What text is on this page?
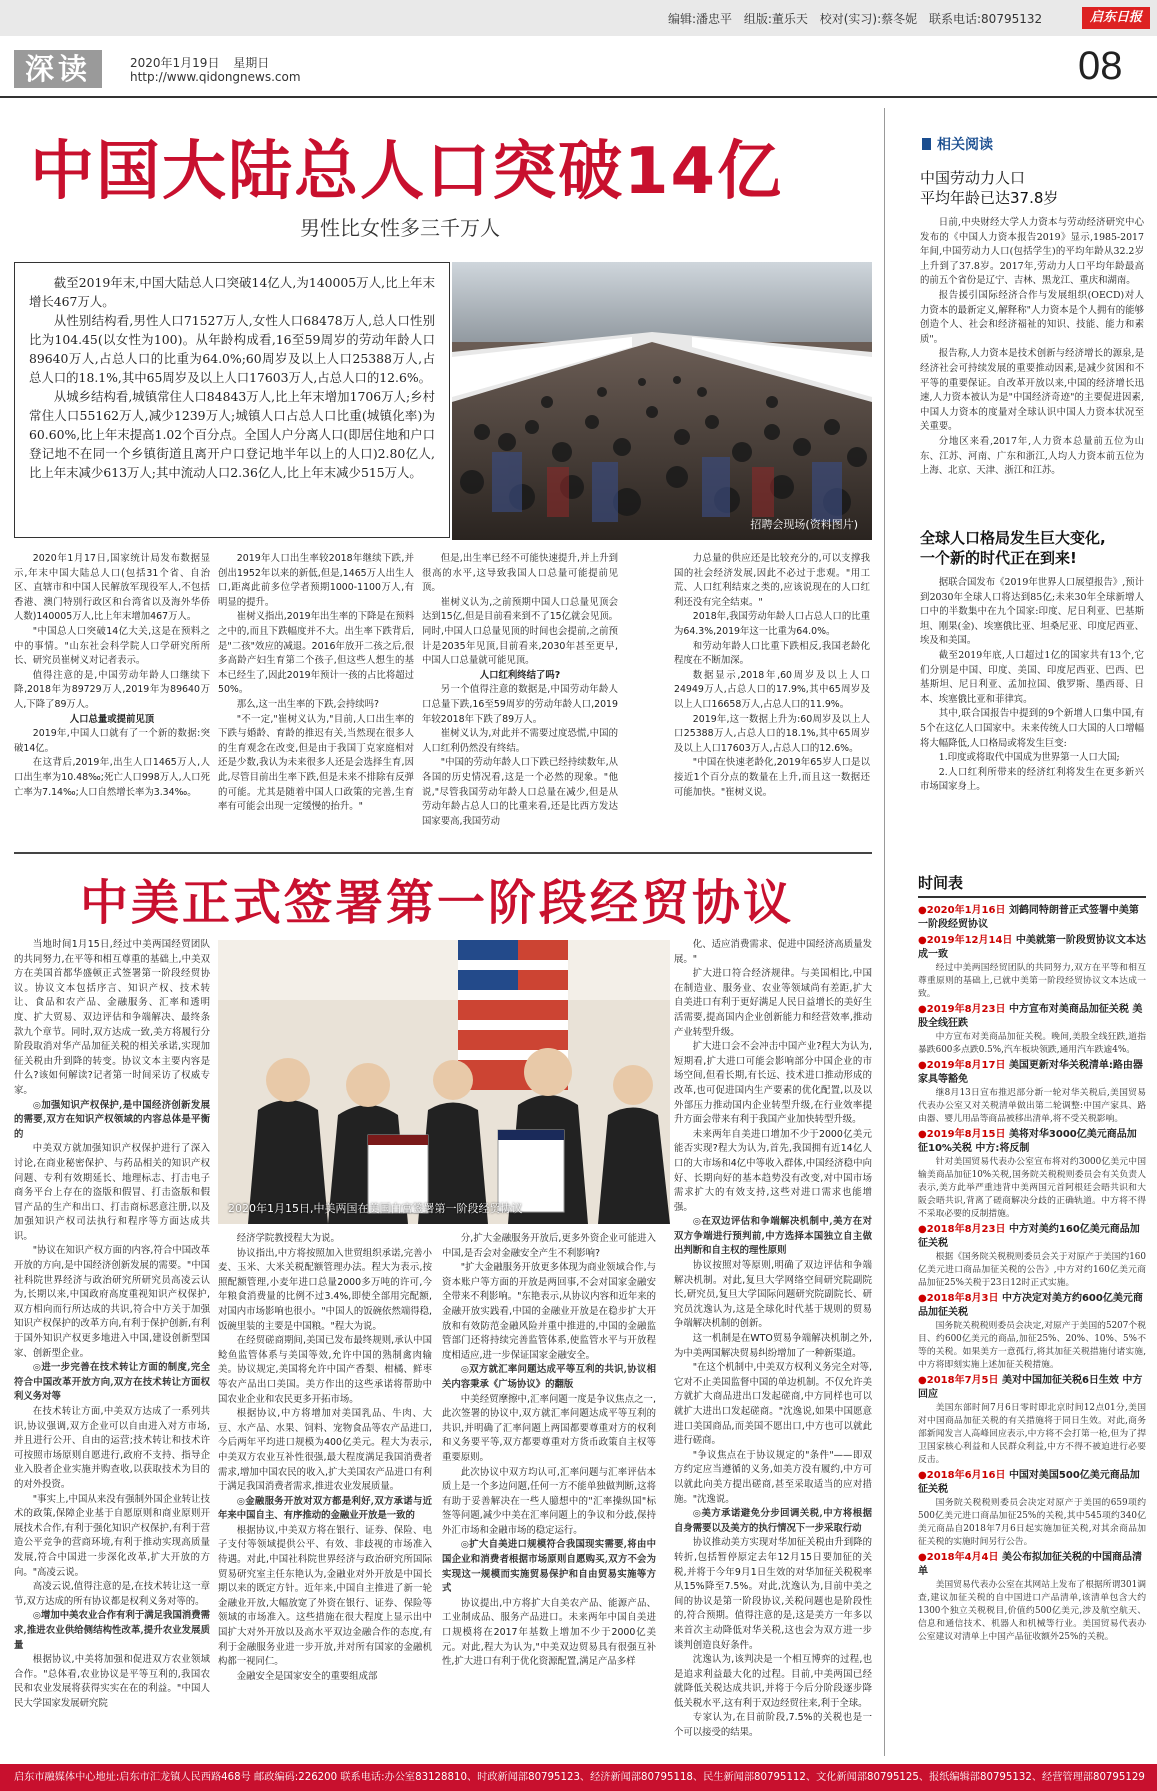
编辑:潘忠平 组版:董乐天 校对(实习):蔡冬妮 联系电话:80795132	启东日报
深读	2020年1月19日 星期日
http://www.qidongnews.com	08
中国大陆总人口突破14亿
男性比女性多三千万人

截至2019年末,中国大陆总人口突破14亿人,为140005万人,比上年末增长467万人。

从性别结构看,男性人口71527万人,女性人口68478万人,总人口性别比为104.45(以女性为100)。从年龄构成看,16至59周岁的劳动年龄人口89640万人,占总人口的比重为64.0%;60周岁及以上人口25388万人,占总人口的18.1%,其中65周岁及以上人口17603万人,占总人口的12.6%。

从城乡结构看,城镇常住人口84843万人,比上年末增加1706万人;乡村常住人口55162万人,减少1239万人;城镇人口占总人口比重(城镇化率)为60.60%,比上年末提高1.02个百分点。全国人户分离人口(即居住地和户口登记地不在同一个乡镇街道且离开户口登记地半年以上的人口)2.80亿人,比上年末减少613万人;其中流动人口2.36亿人,比上年末减少515万人。

招聘会现场(资料图片)

2020年1月17日,国家统计局发布数据显示,年末中国大陆总人口(包括31个省、自治区、直辖市和中国人民解放军现役军人,不包括香港、澳门特别行政区和台湾省以及海外华侨人数)140005万人,比上年末增加467万人。

"中国总人口突破14亿大关,这是在预料之中的事情。"山东社会科学院人口学研究所所长、研究员崔树义对记者表示。

值得注意的是,中国劳动年龄人口继续下降,2018年为89729万人,2019年为89640万人,下降了89万人。

人口总量或提前见顶

2019年,中国人口就有了一个新的数据:突破14亿。

在这背后,2019年,出生人口1465万人,人口出生率为10.48‰;死亡人口998万人,人口死亡率为7.14‰;人口自然增长率为3.34‰。

2019年人口出生率较2018年继续下跌,并创出1952年以来的新低,但是,1465万人出生人口,距离此前多位学者预期1000-1100万人,有明显的提升。

崔树义指出,2019年出生率的下降是在预料之中的,而且下跌幅度并不大。出生率下跌背后,是"二孩"效应的减退。2016年放开二孩之后,很多高龄产妇生育第二个孩子,但这些人想生的基本已经生了,因此2019年预计一孩的占比将超过50%。

那么,这一出生率的下跌,会持续吗?

"不一定,"崔树义认为,"目前,人口出生率的下跌与婚龄、育龄的推迟有关,当然现在很多人的生育观念在改变,但是由于我国丁克家庭相对还是少数,我认为未来很多人还是会选择生育,因此,尽管目前出生率下跌,但是未来不排除有反弹的可能。尤其是随着中国人口政策的完善,生育率有可能会出现一定缓慢的抬升。"

但是,出生率已经不可能快速提升,并上升到很高的水平,这导致我国人口总量可能提前见顶。

崔树义认为,之前预期中国人口总量见顶会达到15亿,但是目前看来到不了15亿就会见顶。同时,中国人口总量见顶的时间也会提前,之前预计是2035年见顶,目前看来,2030年甚至更早,中国人口总量就可能见顶。

人口红利终结了吗?

另一个值得注意的数据是,中国劳动年龄人口总量下跌,16至59周岁的劳动年龄人口,2019年较2018年下跌了89万人。

崔树义认为,对此并不需要过度恐慌,中国的人口红利仍然没有终结。

"中国的劳动年龄人口下跌已经持续数年,从各国的历史情况看,这是一个必然的现象。"他说,"尽管我国劳动年龄人口总量在减少,但是从劳动年龄占总人口的比重来看,还是比西方发达国家要高,我国劳动

力总量的供应还是比较充分的,可以支撑我国的社会经济发展,因此不必过于悲观。"用工荒、人口红利结束之类的,应该说现在的人口红利还没有完全结束。"

2018年,我国劳动年龄人口占总人口的比重为64.3%,2019年这一比重为64.0%。

和劳动年龄人口比重下跌相反,我国老龄化程度在不断加深。

数据显示,2018年,60周岁及以上人口24949万人,占总人口的17.9%,其中65周岁及以上人口16658万人,占总人口的11.9%。

2019年,这一数据上升为:60周岁及以上人口25388万人,占总人口的18.1%,其中65周岁及以上人口17603万人,占总人口的12.6%。

"中国在快速老龄化,2019年65岁人口是以接近1个百分点的数量在上升,而且这一数据还可能加快。"崔树义说。

中美正式签署第一阶段经贸协议

当地时间1月15日,经过中美两国经贸团队的共同努力,在平等和相互尊重的基础上,中美双方在美国首都华盛顿正式签署第一阶段经贸协议。协议文本包括序言、知识产权、技术转让、食品和农产品、金融服务、汇率和透明度、扩大贸易、双边评估和争端解决、最终条款九个章节。同时,双方达成一致,美方将履行分阶段取消对华产品加征关税的相关承诺,实现加征关税由升到降的转变。协议文本主要内容是什么?该如何解读?记者第一时间采访了权威专家。

◎加强知识产权保护,是中国经济创新发展的需要,双方在知识产权领域的内容总体是平衡的

中美双方就加强知识产权保护进行了深入讨论,在商业秘密保护、与药品相关的知识产权问题、专利有效期延长、地理标志、打击电子商务平台上存在的盗版和假冒、打击盗版和假冒产品的生产和出口、打击商标恶意注册,以及加强知识产权司法执行和程序等方面达成共识。

"协议在知识产权方面的内容,符合中国改革开放的方向,是中国经济创新发展的需要。"中国社科院世界经济与政治研究所研究员高凌云认为,长期以来,中国政府高度重视知识产权保护,双方相向而行所达成的共识,符合中方关于加强知识产权保护的改革方向,有利于保护创新,有利于国外知识产权更多地进入中国,建设创新型国家、创新型企业。

◎进一步完善在技术转让方面的制度,完全符合中国改革开放方向,双方在技术转让方面权利义务对等

在技术转让方面,中美双方达成了一系列共识,协议强调,双方企业可以自由进入对方市场,并且进行公开、自由的运营;技术转让和技术许可按照市场原则自愿进行,政府不支持、指导企业入股者企业实施并购查收,以获取技术为目的的对外投资。

"事实上,中国从来没有强制外国企业转让技术的政策,保障企业基于自愿原则和商业原则开展技术合作,有利于强化知识产权保护,有利于营造公平竞争的营商环境,有利于推动实现高质量发展,符合中国进一步深化改革,扩大开放的方向。"高凌云说。

高凌云说,值得注意的是,在技术转让这一章节,双方达成的所有协议都是权利义务对等的。

◎增加中美农业合作有利于满足我国消费需求,推进农业供给侧结构性改革,提升农业发展质量

根据协议,中美将加强和促进双方农业领域合作。"总体看,农业协议是平等互利的,我国农民和农业发展将获得实实在在的利益。"中国人民大学国家发展研究院

2020年1月15日,中美两国在美国白宫签署第一阶段经贸协议

经济学院教授程大为说。

协议指出,中方将按照加入世贸组织承诺,完善小麦、玉米、大米关税配额管理办法。程大为表示,按照配额管理,小麦年进口总量2000多万吨的许可,今年粮食消费量的比例不过3.4%,即使全部用完配额,对国内市场影响也很小。"中国人的饭碗依然端得稳,饭碗里装的主要是中国粮。"程大为说。

在经贸磋商期间,美国已发布最终规则,承认中国鲶鱼监管体系与美国等效,允许中国的熟制禽肉输美。协议规定,美国将允许中国产香梨、柑橘、鲜枣等农产品出口美国。美方作出的这些承诺将帮助中国农业企业和农民更多开拓市场。

根据协议,中方将增加对美国乳品、牛肉、大豆、水产品、水果、饲料、宠物食品等农产品进口,今后两年平均进口规模为400亿美元。程大为表示,中美双方农业互补性很强,最大程度满足我国消费者需求,增加中国农民的收入,扩大美国农产品进口有利于满足我国消费者需求,推进农业发展质量。

◎金融服务开放对双方都是利好,双方承诺与近年来中国自主、有序推动的金融业开放是一致的

根据协议,中美双方将在银行、证券、保险、电子支付等领域提供公平、有效、非歧视的市场准入待遇。对此,中国社科院世界经济与政治研究所国际贸易研究室主任东艳认为,金融业对外开放是中国长期以来的既定方针。近年来,中国自主推进了新一轮金融业开放,大幅放宽了外资在银行、证券、保险等领域的市场准入。这些措施在很大程度上显示出中国扩大对外开放以及高水平双边金融合作的态度,有利于金融服务业进一步开放,并对所有国家的金融机构都一视同仁。

金融安全是国家安全的重要组成部

分,扩大金融服务开放后,更多外资企业可能进入中国,是否会对金融安全产生不利影响?

"扩大金融服务开放更多体现为商业领域合作,与资本账户等方面的开放是两回事,不会对国家金融安全带来不利影响。"东艳表示,从协议内容和近年来的金融开放实践看,中国的金融业开放是在稳步扩大开放和有效防范金融风险并重中推进的,中国的金融监管部门还将持续完善监管体系,使监管水平与开放程度相适应,进一步保证国家金融安全。

◎双方就汇率问题达成平等互利的共识,协议相关内容秉承《广场协议》的翻版

中美经贸摩擦中,汇率问题一度是争议焦点之一,此次签署的协议中,双方就汇率问题达成平等互利的共识,并明确了汇率问题上两国都要尊重对方的权利和义务要平等,双方都要尊重对方货币政策自主权等重要原则。

此次协议中双方均认可,汇率问题与汇率评估本质上是一个多边问题,任何一方不能单独做判断,这将有助于妥善解决在一些人臆想中的"汇率操纵国"标签等问题,减少中美在汇率问题上的争议和分歧,保持外汇市场和金融市场的稳定运行。

◎扩大自美进口规模符合我国现实需要,将由中国企业和消费者根据市场原则自愿购买,双方不会为实现这一规模而实施贸易保护和自由贸易实施等方式

协议提出,中方将扩大自美农产品、能源产品、工业制成品、服务产品进口。未来两年中国自美进口规模将在2017年基数上增加不少于2000亿美元。对此,程大为认为,"中美双边贸易具有很强互补性,扩大进口有利于优化资源配置,满足产品多样

化、适应消费需求、促进中国经济高质量发展。"

扩大进口符合经济规律。与美国相比,中国在制造业、服务业、农业等领域尚有差距,扩大自美进口有利于更好满足人民日益增长的美好生活需要,提高国内企业创新能力和经营效率,推动产业转型升级。

扩大进口会不会冲击中国产业?程大为认为,短期看,扩大进口可能会影响部分中国企业的市场空间,但看长期,有长远、技术进口推动形成的改革,也可促进国内生产要素的优化配置,以及以外部压力推动国内企业转型升级,在行业效率提升方面会带来有利于我国产业加快转型升级。

未来两年自美进口增加不少于2000亿美元能否实现?程大为认为,首先,我国拥有近14亿人口的大市场和4亿中等收入群体,中国经济稳中向好、长期向好的基本趋势没有改变,对中国市场需求扩大的有效支持,这些对进口需求也能增强。

◎在双边评估和争端解决机制中,美方在对双方争端进行预判前,中方选择本国独立自主做出判断和自主权的理性原则

协议按照对等原则,明确了双边评估和争端解决机制。对此,复旦大学网络空间研究院副院长,研究员,复旦大学国际问题研究院副院长、研究员沈逸认为,这是全球化时代基于规则的贸易争端解决机制的创新。

这一机制是在WTO贸易争端解决机制之外,为中美两国解决贸易纠纷增加了一种新渠道。

"在这个机制中,中美双方权利义务完全对等,它对不止美国监督中国的单边机制。不仅允许美方就扩大商品进出口发起磋商,中方同样也可以就扩大进出口发起磋商。"沈逸说,如果中国愿意进口美国商品,而美国不愿出口,中方也可以就此进行磋商。

"争议焦点在于协议规定的"条件"——即双方约定应当遵循的义务,如美方没有履约,中方可以就此向美方提出磋商,甚至采取适当的应对措施。"沈逸说。

◎美方承诺避免分步回调关税,中方将根据自身需要以及美方的执行情况下一步采取行动

协议推动美方实现对华加征关税由升到降的转折,包括暂停原定去年12月15日要加征的关税,并将于今年9月1日生效的对华加征关税税率从15%降至7.5%。对此,沈逸认为,目前中美之间的协议是第一阶段协议,关税问题也是阶段性的,符合预期。值得注意的是,这是美方一年多以来首次主动降低对华关税,这也会为双方进一步谈判创造良好条件。

沈逸认为,该判决是一个相互博弈的过程,也是追求利益最大化的过程。目前,中美两国已经就降低关税达成共识,并将于今后分阶段逐步降低关税水平,这有利于双边经贸往来,利于全球。

专家认为,在目前阶段,7.5%的关税也是一个可以接受的结果。

相关阅读
中国劳动力人口
平均年龄已达37.8岁

日前,中央财经大学人力资本与劳动经济研究中心发布的《中国人力资本报告2019》显示,1985-2017年间,中国劳动力人口(包括学生)的平均年龄从32.2岁上升到了37.8岁。2017年,劳动力人口平均年龄最高的前五个省份是辽宁、吉林、黑龙江、重庆和湖南。

报告援引国际经济合作与发展组织(OECD)对人力资本的最新定义,解释称"人力资本是个人拥有的能够创造个人、社会和经济福祉的知识、技能、能力和素质"。

报告称,人力资本是技术创新与经济增长的源泉,是经济社会可持续发展的重要推动因素,是减少贫困和不平等的重要保证。自改革开放以来,中国的经济增长迅速,人力资本被认为是"中国经济奇迹"的主要促进因素,中国人力资本的度量对全球认识中国人力资本状况至关重要。

分地区来看,2017年,人力资本总量前五位为山东、江苏、河南、广东和浙江,人均人力资本前五位为上海、北京、天津、浙江和江苏。

全球人口格局发生巨大变化,
一个新的时代正在到来!

据联合国发布《2019年世界人口展望报告》,预计到2030年全球人口将达到85亿;未来30年全球新增人口中的半数集中在九个国家:印度、尼日利亚、巴基斯坦、刚果(金)、埃塞俄比亚、坦桑尼亚、印度尼西亚、埃及和美国。

截至2019年底,人口超过1亿的国家共有13个,它们分别是中国、印度、美国、印度尼西亚、巴西、巴基斯坦、尼日利亚、孟加拉国、俄罗斯、墨西哥、日本、埃塞俄比亚和菲律宾。

其中,联合国报告中提到的9个新增人口集中国,有5个在这亿人口国家中。未来传统人口大国的人口增幅将大幅降低,人口格局或将发生巨变:

1.印度或将取代中国成为世界第一人口大国;

2.人口红利所带来的经济红利将发生在更多新兴市场国家身上。

时间表
●2020年1月16日 刘鹤同特朗普正式签署中美第一阶段经贸协议
●2019年12月14日 中美就第一阶段贸协议文本达成一致
经过中美两国经贸团队的共同努力,双方在平等和相互尊重原则的基础上,已就中美第一阶段经贸协议文本达成一致。
●2019年8月23日 中方宣布对美商品加征关税 美股全线狂跌
中方宣布对美商品加征关税。晚间,美股全线狂跌,道指暴跌600多点跌0.5%,汽车板块领跌,通用汽车跌逾4%。
●2019年8月17日 美国更新对华关税清单:路由器家具等豁免
继8月13日宣布推迟部分新一轮对华关税后,美国贸易代表办公室又对关税清单做出第二轮调整:中国产家具、路由器、婴儿用品等商品被移出清单,将不受关税影响。
●2019年8月15日 美将对华3000亿美元商品加征10%关税 中方:将反制
针对美国贸易代表办公室宣布将对约3000亿美元中国输美商品加征10%关税,国务院关税税则委员会有关负责人表示,美方此举严重违背中美两国元首阿根廷会晤共识和大阪会晤共识,背离了磋商解决分歧的正确轨道。中方将不得不采取必要的反制措施。
●2018年8月23日 中方对美约160亿美元商品加征关税
根据《国务院关税税则委员会关于对原产于美国约160亿美元进口商品加征关税的公告》,中方对约160亿美元商品加征25%关税于23日12时正式实施。
●2018年8月3日 中方决定对美方约600亿美元商品加征关税
国务院关税税则委员会决定,对原产于美国的5207个税目、约600亿美元的商品,加征25%、20%、10%、5%不等的关税。如果美方一意孤行,将其加征关税措施付诸实施,中方将即刻实施上述加征关税措施。
●2018年7月5日 美对中国加征关税6日生效 中方回应
美国东部时间7月6日零时即北京时间12点01分,美国对中国商品加征关税的有关措施将于同日生效。对此,商务部新闻发言人高峰回应表示,中方将不会打第一枪,但为了捍卫国家核心利益和人民群众利益,中方不得不被迫进行必要反击。
●2018年6月16日 中国对美国500亿美元商品加征关税
国务院关税税则委员会决定对原产于美国的659项约500亿美元进口商品加征25%的关税,其中545项约340亿美元商品自2018年7月6日起实施加征关税,对其余商品加征关税的实施时间另行公告。
●2018年4月4日 美公布拟加征关税的中国商品清单
美国贸易代表办公室在其网站上发布了根据所谓301调查,建议加征关税的自中国进口产品清单,该清单包含大约1300个独立关税税目,价值约500亿美元,涉及航空航天、信息和通信技术、机器人和机械等行业。美国贸易代表办公室建议对清单上中国产品征收额外25%的关税。
启东市融媒体中心地址:启东市汇龙镇人民西路468号 邮政编码:226200 联系电话:办公室83128810、时政新闻部80795123、经济新闻部80795118、民生新闻部80795112、文化新闻部80795125、报纸编辑部80795132、经营管理部80795129
